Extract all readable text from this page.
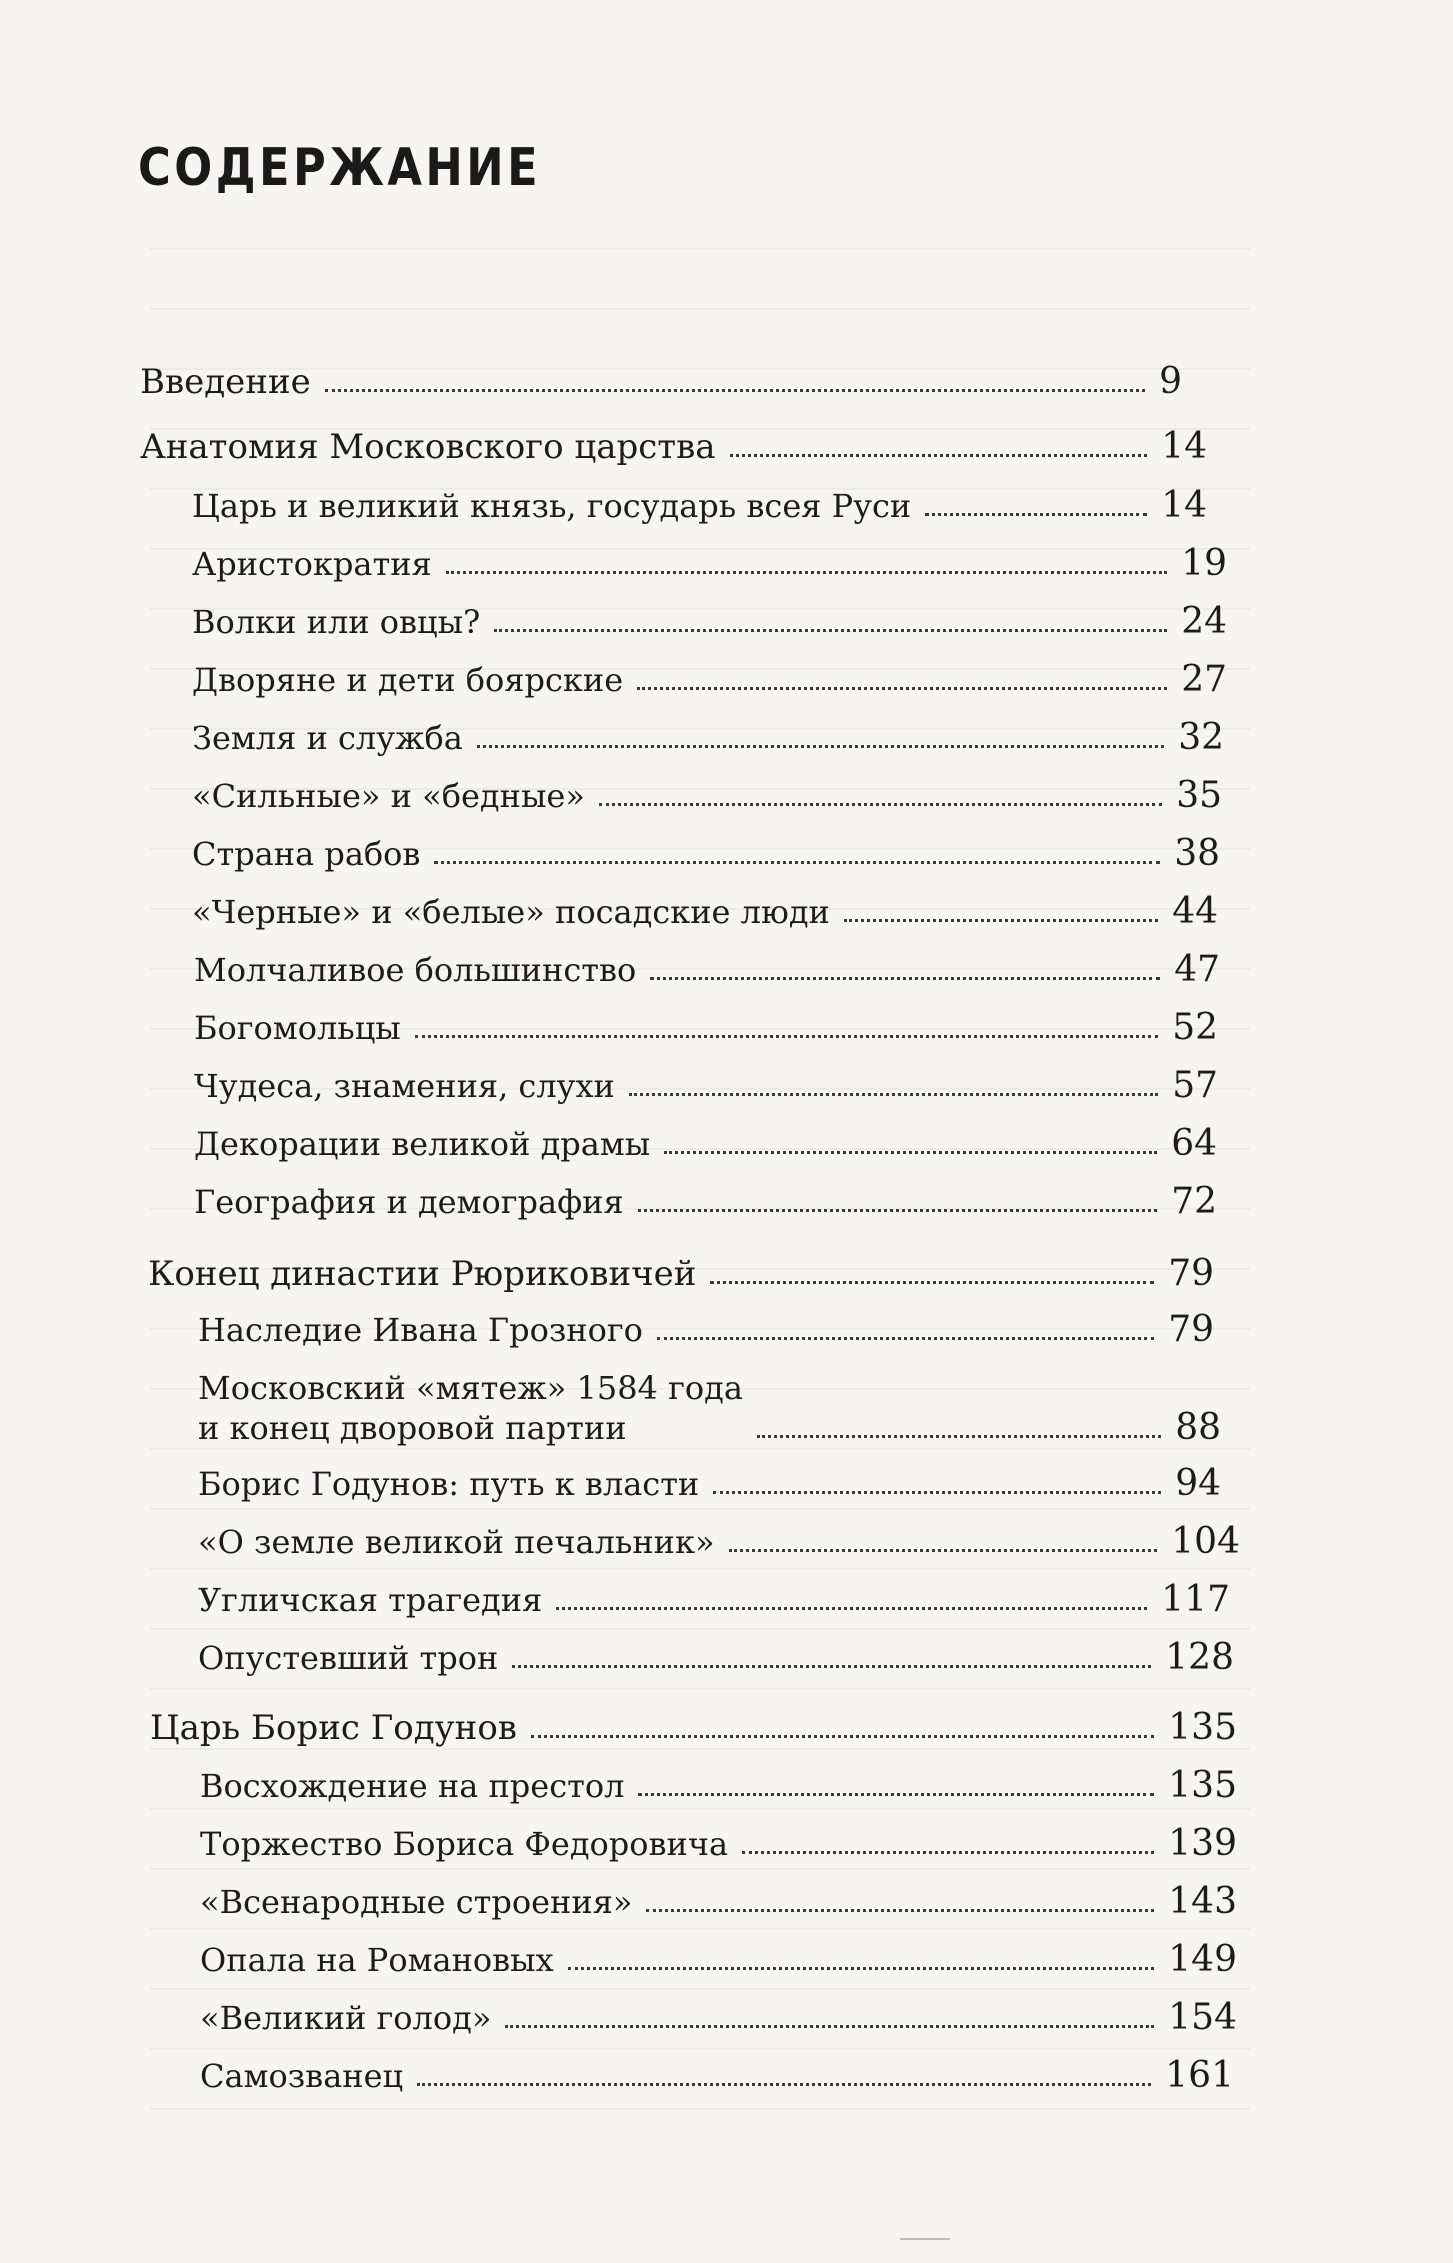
СОДЕРЖАНИЕ
Введение	9
Анатомия Московского царства	14
Царь и великий князь, государь всея Руси	14
Аристократия	19
Волки или овцы?	24
Дворяне и дети боярские	27
Земля и служба	32
«Сильные» и «бедные»	35
Страна рабов	38
«Черные» и «белые» посадские люди	44
Молчаливое большинство	47
Богомольцы	52
Чудеса, знамения, слухи	57
Декорации великой драмы	64
География и демография	72
Конец династии Рюриковичей	79
Наследие Ивана Грозного	79
Московский «мятеж» 1584 года
и конец дворовой партии	88
Борис Годунов: путь к власти	94
«О земле великой печальник»	104
Угличская трагедия	117
Опустевший трон	128
Царь Борис Годунов	135
Восхождение на престол	135
Торжество Бориса Федоровича	139
«Всенародные строения»	143
Опала на Романовых	149
«Великий голод»	154
Самозванец	161
